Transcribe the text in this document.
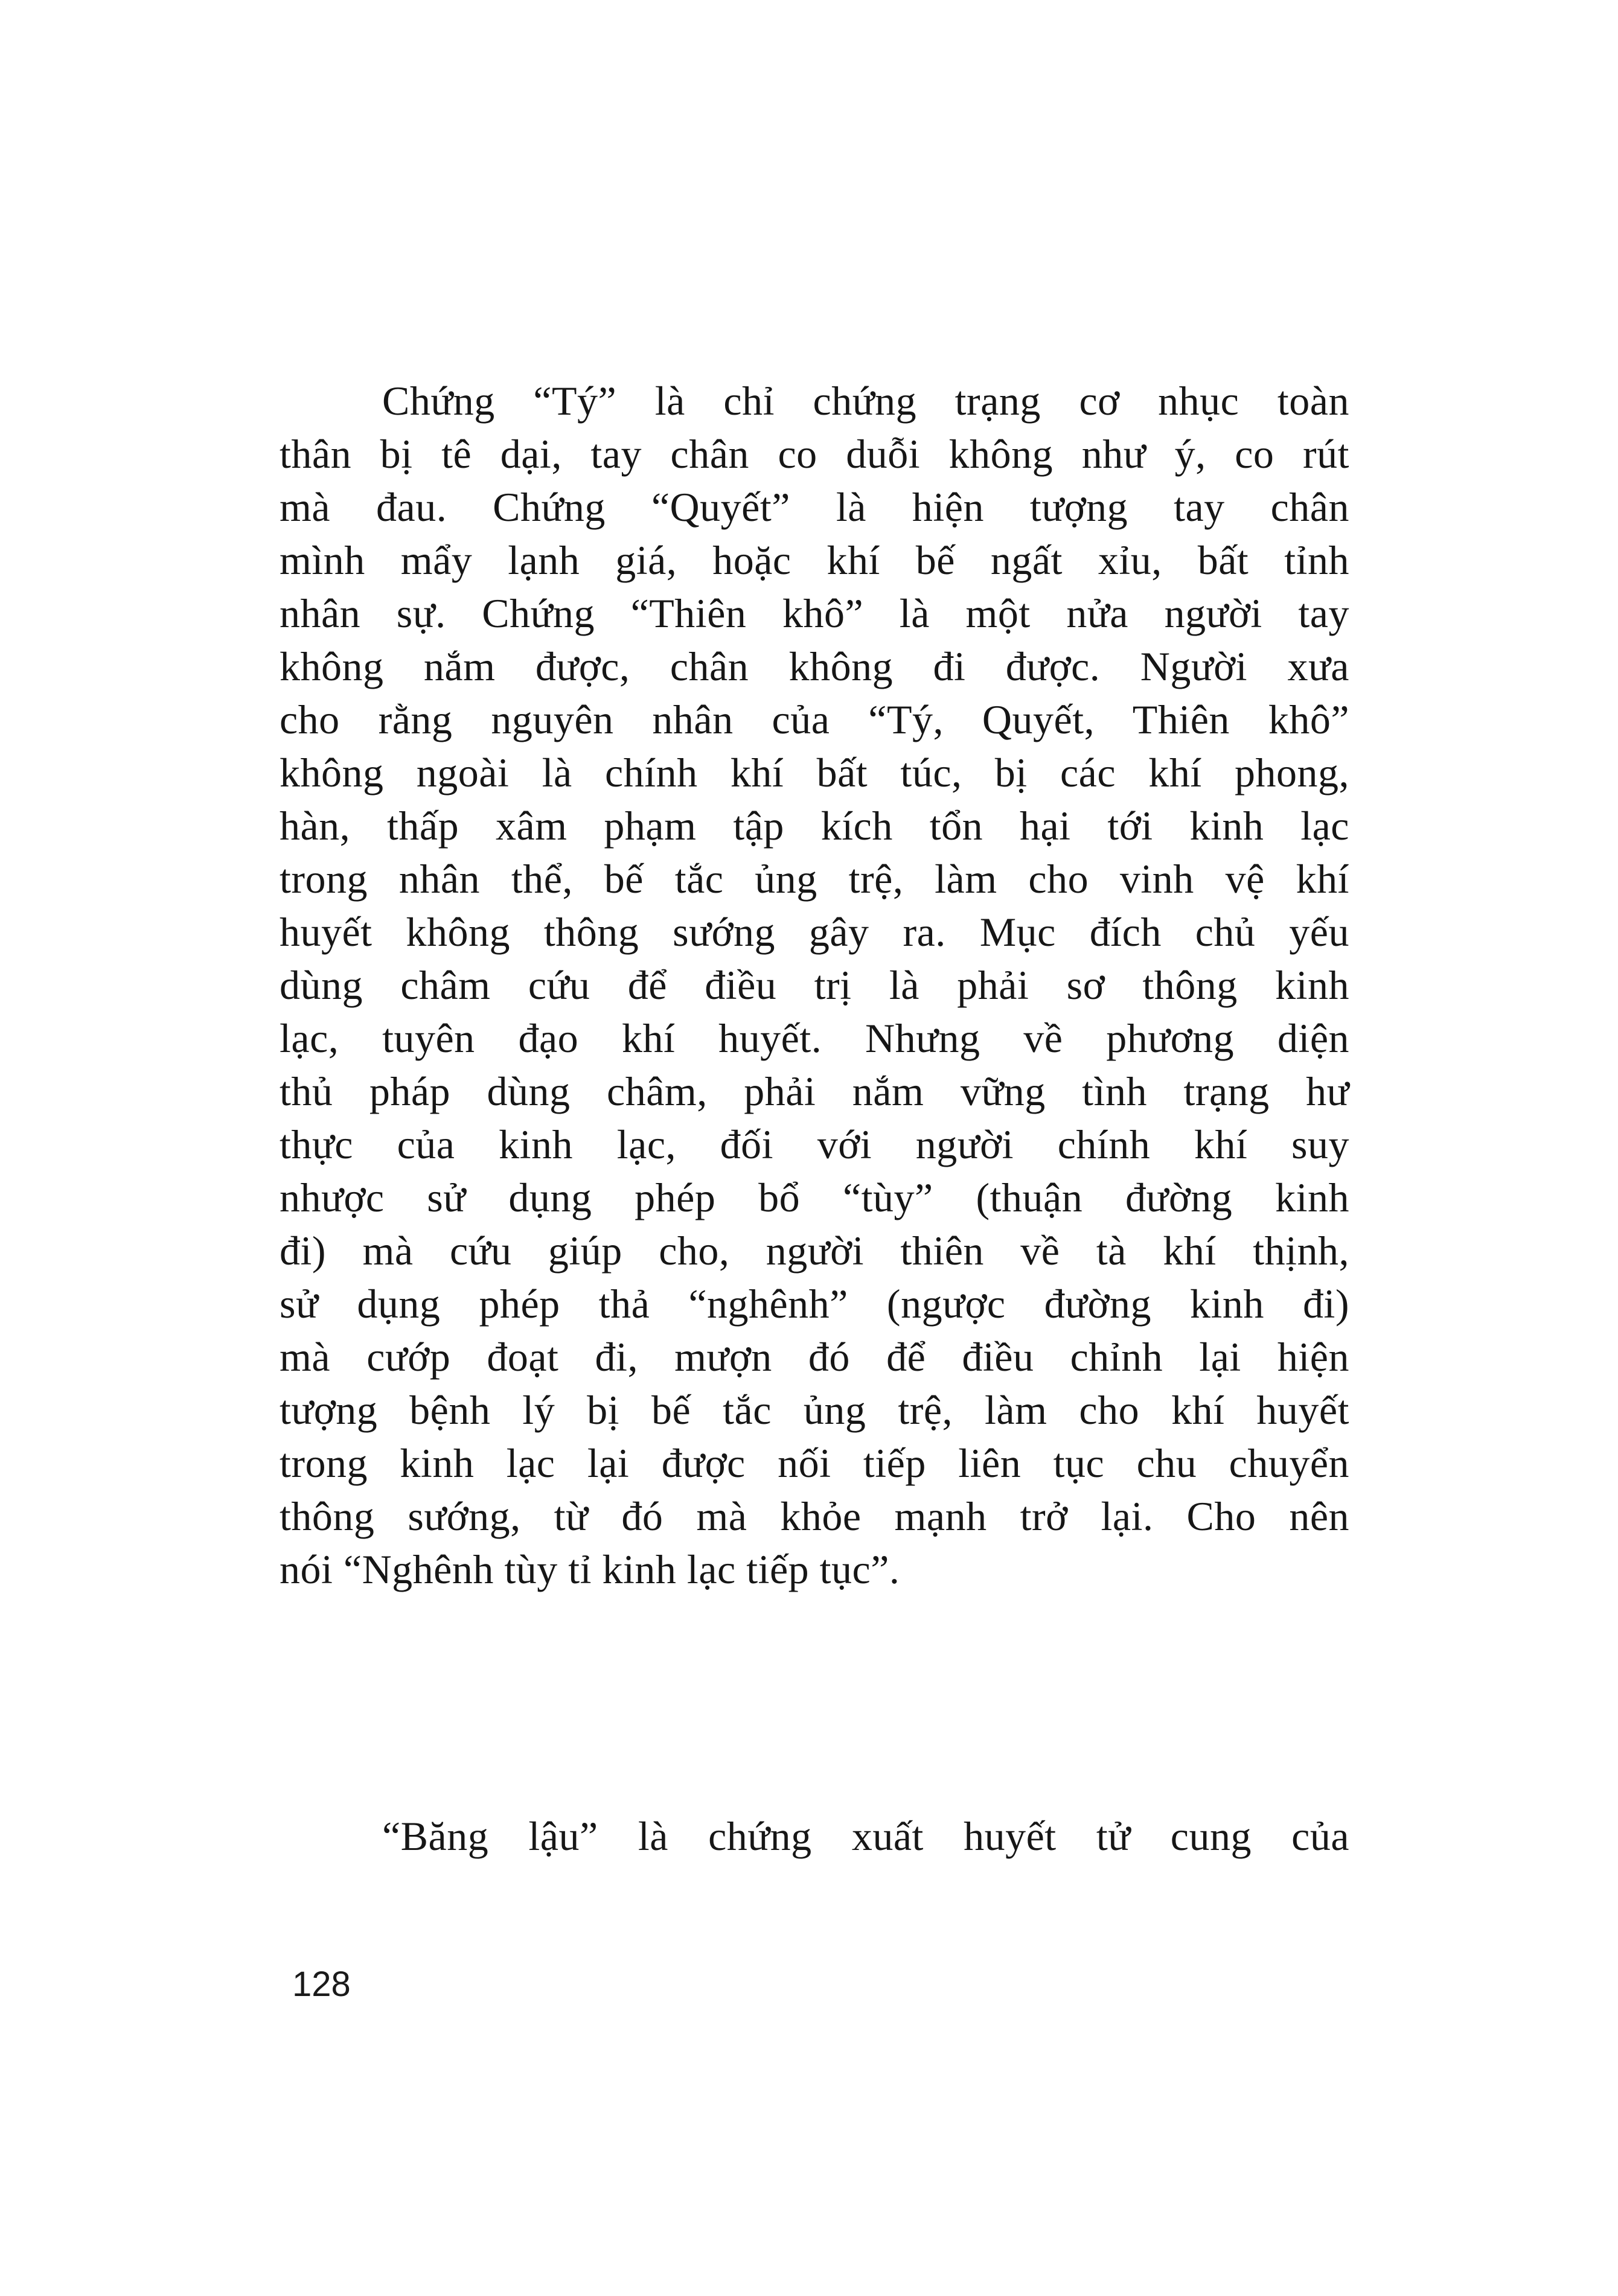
Chứng “Tý” là chỉ chứng trạng cơ nhục toàn
thân bị tê dại, tay chân co duỗi không như ý, co rút
mà đau. Chứng “Quyết” là hiện tượng tay chân
mình mẩy lạnh giá, hoặc khí bế ngất xỉu, bất tỉnh
nhân sự. Chứng “Thiên khô” là một nửa người tay
không nắm được, chân không đi được. Người xưa
cho rằng nguyên nhân của “Tý, Quyết, Thiên khô”
không ngoài là chính khí bất túc, bị các khí phong,
hàn, thấp xâm phạm tập kích tổn hại tới kinh lạc
trong nhân thể, bế tắc ủng trệ, làm cho vinh vệ khí
huyết không thông sướng gây ra. Mục đích chủ yếu
dùng châm cứu để điều trị là phải sơ thông kinh
lạc, tuyên đạo khí huyết. Nhưng về phương diện
thủ pháp dùng châm, phải nắm vững tình trạng hư
thực của kinh lạc, đối với người chính khí suy
nhược sử dụng phép bổ “tùy” (thuận đường kinh
đi) mà cứu giúp cho, người thiên về tà khí thịnh,
sử dụng phép thả “nghênh” (ngược đường kinh đi)
mà cướp đoạt đi, mượn đó để điều chỉnh lại hiện
tượng bệnh lý bị bế tắc ủng trệ, làm cho khí huyết
trong kinh lạc lại được nối tiếp liên tục chu chuyển
thông sướng, từ đó mà khỏe mạnh trở lại. Cho nên
nói “Nghênh tùy tỉ kinh lạc tiếp tục”.
“Băng lậu” là chứng xuất huyết tử cung của
128
